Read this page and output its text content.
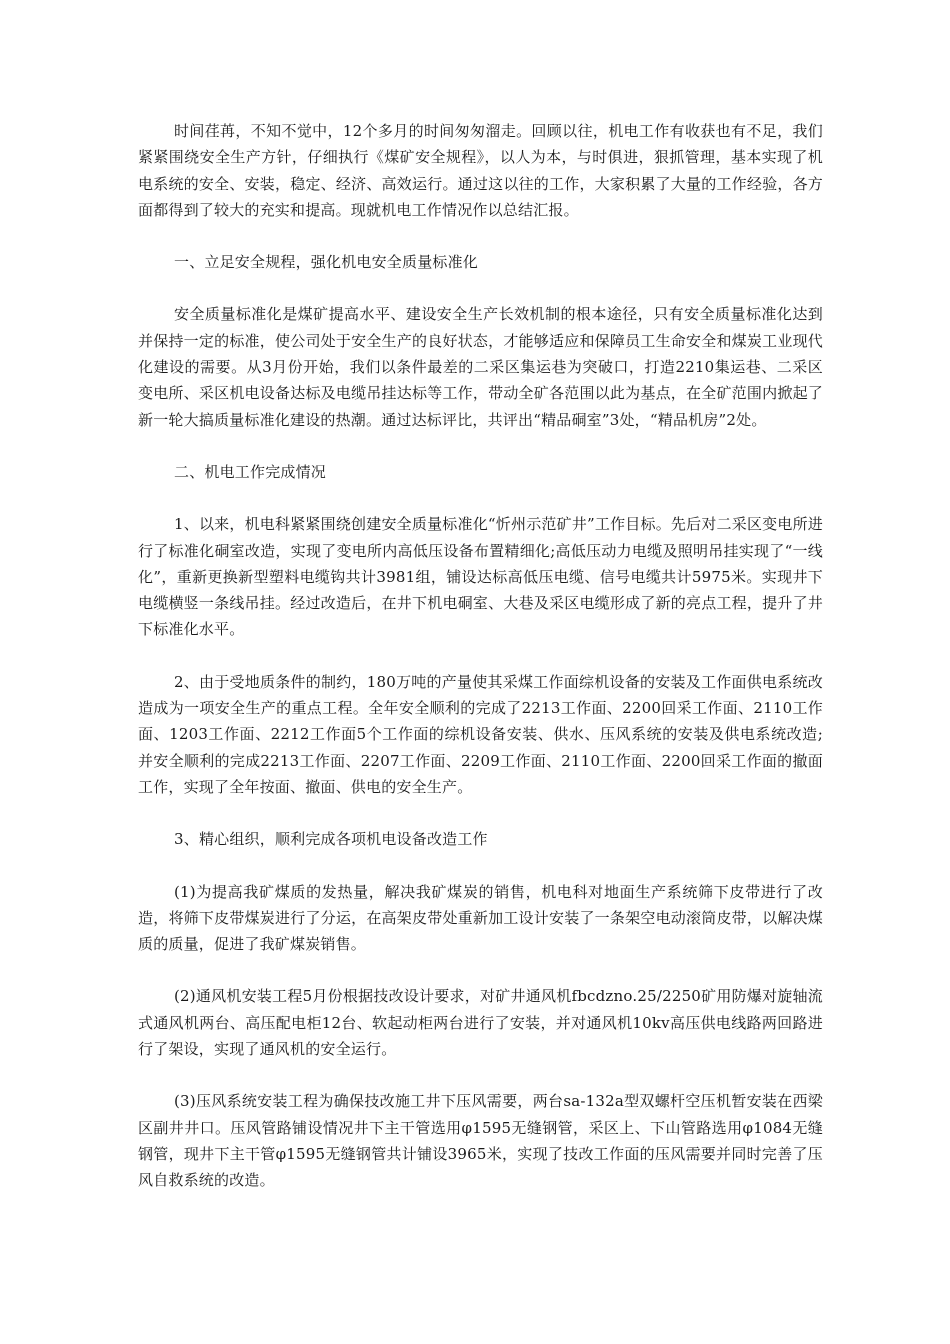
时间荏苒，不知不觉中，12个多月的时间匆匆溜走。回顾以往，机电工作有收获也有不足，我们紧紧围绕安全生产方针，仔细执行《煤矿安全规程》，以人为本，与时俱进，狠抓管理，基本实现了机电系统的安全、安装，稳定、经济、高效运行。通过这以往的工作，大家积累了大量的工作经验，各方面都得到了较大的充实和提高。现就机电工作情况作以总结汇报。

一、立足安全规程，强化机电安全质量标准化

安全质量标准化是煤矿提高水平、建设安全生产长效机制的根本途径，只有安全质量标准化达到并保持一定的标准，使公司处于安全生产的良好状态，才能够适应和保障员工生命安全和煤炭工业现代化建设的需要。从3月份开始，我们以条件最差的二采区集运巷为突破口，打造2210集运巷、二采区变电所、采区机电设备达标及电缆吊挂达标等工作，带动全矿各范围以此为基点，在全矿范围内掀起了新一轮大搞质量标准化建设的热潮。通过达标评比，共评出“精品硐室”3处，“精品机房”2处。

二、机电工作完成情况

1、以来，机电科紧紧围绕创建安全质量标准化“忻州示范矿井”工作目标。先后对二采区变电所进行了标准化硐室改造，实现了变电所内高低压设备布置精细化;高低压动力电缆及照明吊挂实现了“一线化”，重新更换新型塑料电缆钩共计3981组，铺设达标高低压电缆、信号电缆共计5975米。实现井下电缆横竖一条线吊挂。经过改造后，在井下机电硐室、大巷及采区电缆形成了新的亮点工程，提升了井下标准化水平。

2、由于受地质条件的制约，180万吨的产量使其采煤工作面综机设备的安装及工作面供电系统改造成为一项安全生产的重点工程。全年安全顺利的完成了2213工作面、2200回采工作面、2110工作面、1203工作面、2212工作面5个工作面的综机设备安装、供水、压风系统的安装及供电系统改造;并安全顺利的完成2213工作面、2207工作面、2209工作面、2110工作面、2200回采工作面的撤面工作，实现了全年按面、撤面、供电的安全生产。

3、精心组织，顺利完成各项机电设备改造工作

(1)为提高我矿煤质的发热量，解决我矿煤炭的销售，机电科对地面生产系统筛下皮带进行了改造，将筛下皮带煤炭进行了分运，在高架皮带处重新加工设计安装了一条架空电动滚筒皮带，以解决煤质的质量，促进了我矿煤炭销售。

(2)通风机安装工程5月份根据技改设计要求，对矿井通风机fbcdzno.25/2250矿用防爆对旋轴流式通风机两台、高压配电柜12台、软起动柜两台进行了安装，并对通风机10kv高压供电线路两回路进行了架设，实现了通风机的安全运行。

(3)压风系统安装工程为确保技改施工井下压风需要，两台sa-132a型双螺杆空压机暂安装在西梁区副井井口。压风管路铺设情况井下主干管选用φ1595无缝钢管，采区上、下山管路选用φ1084无缝钢管，现井下主干管φ1595无缝钢管共计铺设3965米，实现了技改工作面的压风需要并同时完善了压风自救系统的改造。
